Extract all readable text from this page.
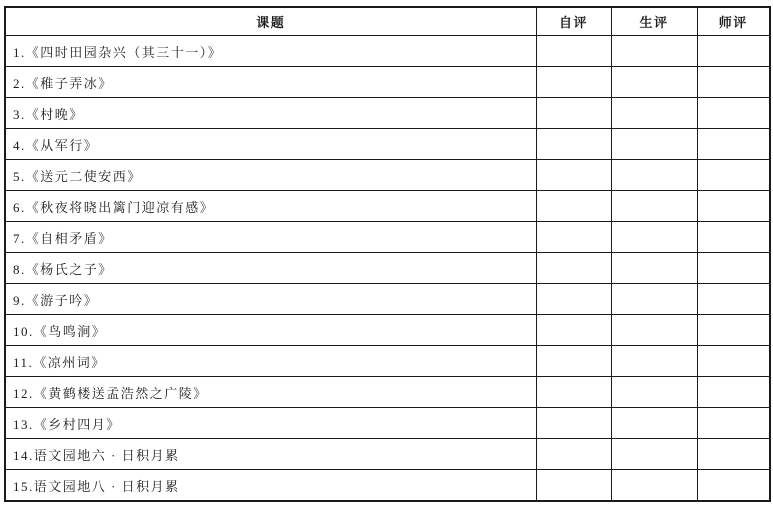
课题	自评	生评	师评
1.《四时田园杂兴（其三十一）》			
2.《稚子弄冰》			
3.《村晚》			
4.《从军行》			
5.《送元二使安西》			
6.《秋夜将晓出篱门迎凉有感》			
7.《自相矛盾》			
8.《杨氏之子》			
9.《游子吟》			
10.《鸟鸣涧》			
11.《凉州词》			
12.《黄鹤楼送孟浩然之广陵》			
13.《乡村四月》			
14.语文园地六 · 日积月累			
15.语文园地八 · 日积月累			
